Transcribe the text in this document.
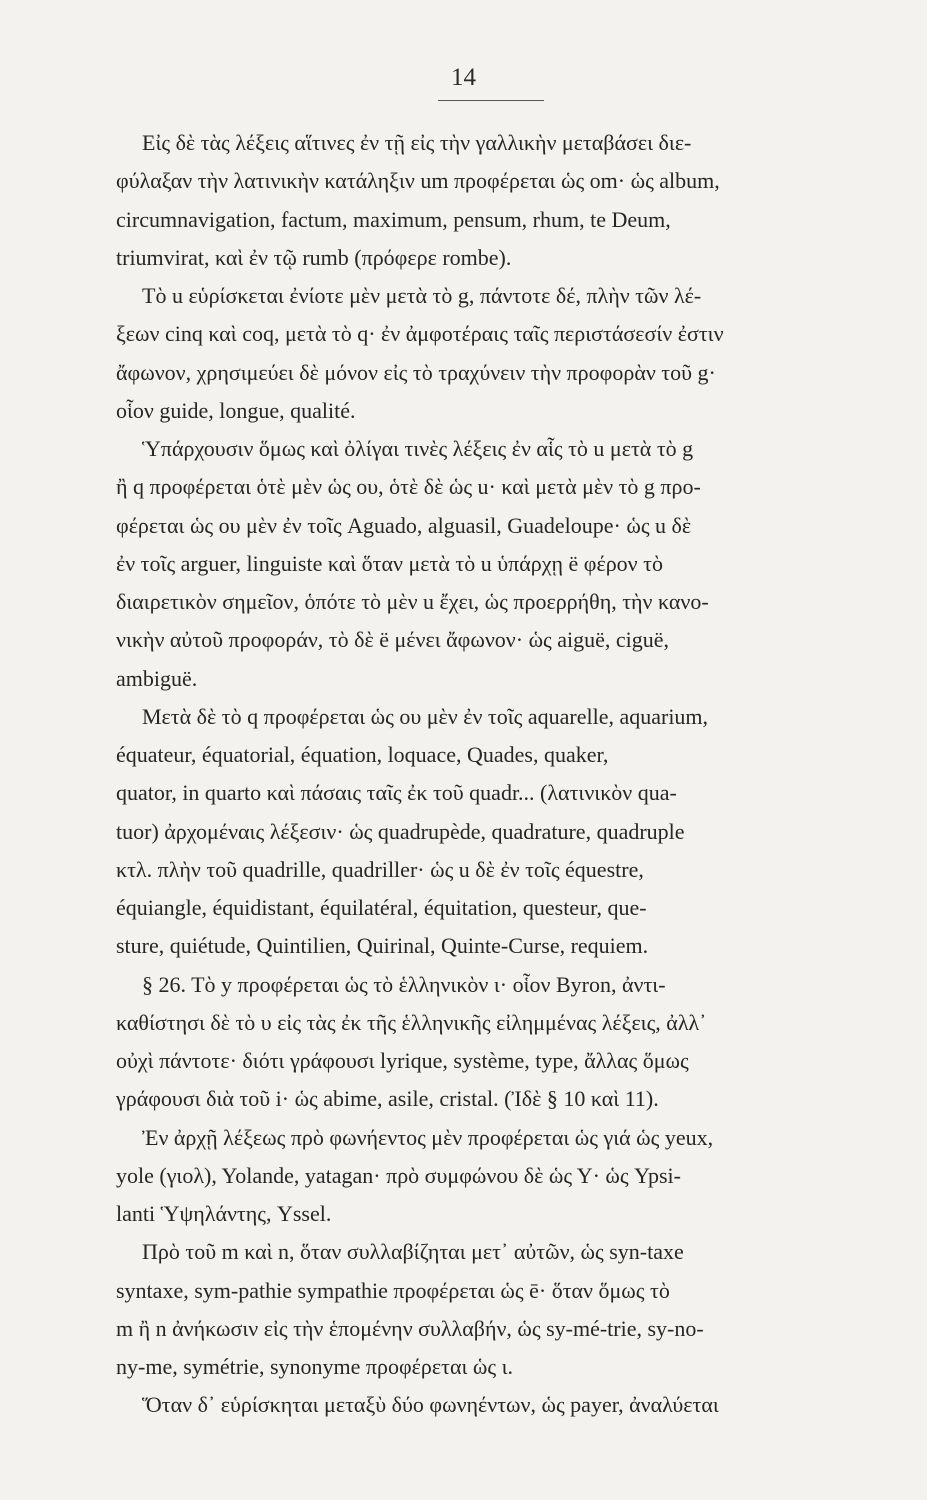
14
Εἰς δὲ τὰς λέξεις αἵτινες ἐν τῇ εἰς τὴν γαλλικὴν μεταβάσει διε-
φύλαξαν τὴν λατινικὴν κατάληξιν um προφέρεται ὡς om· ὡς album,
circumnavigation, factum, maximum, pensum, rhum, te Deum,
triumvirat, καὶ ἐν τῷ rumb (πρόφερε rombe).
Τὸ u εὑρίσκεται ἐνίοτε μὲν μετὰ τὸ g, πάντοτε δέ, πλὴν τῶν λέ-
ξεων cinq καὶ coq, μετὰ τὸ q· ἐν ἀμφοτέραις ταῖς περιστάσεσίν ἐστιν
ἄφωνον, χρησιμεύει δὲ μόνον εἰς τὸ τραχύνειν τὴν προφορὰν τοῦ g·
οἷον guide, longue, qualité.
Ὑπάρχουσιν ὅμως καὶ ὀλίγαι τινὲς λέξεις ἐν αἷς τὸ u μετὰ τὸ g
ἢ q προφέρεται ὁτὲ μὲν ὡς ου, ὁτὲ δὲ ὡς u· καὶ μετὰ μὲν τὸ g προ-
φέρεται ὡς ου μὲν ἐν τοῖς Aguado, alguasil, Guadeloupe· ὡς u δὲ
ἐν τοῖς arguer, linguiste καὶ ὅταν μετὰ τὸ u ὑπάρχῃ ë φέρον τὸ
διαιρετικὸν σημεῖον, ὁπότε τὸ μὲν u ἔχει, ὡς προερρήθη, τὴν κανο-
νικὴν αὐτοῦ προφοράν, τὸ δὲ ë μένει ἄφωνον· ὡς aiguë, ciguë,
ambiguë.
Μετὰ δὲ τὸ q προφέρεται ὡς ου μὲν ἐν τοῖς aquarelle, aquarium,
équateur, équatorial, équation, loquace, Quades, quaker,
quator, in quarto καὶ πάσαις ταῖς ἐκ τοῦ quadr... (λατινικὸν qua-
tuor) ἀρχομέναις λέξεσιν· ὡς quadrupède, quadrature, quadruple
κτλ. πλὴν τοῦ quadrille, quadriller· ὡς u δὲ ἐν τοῖς équestre,
équiangle, équidistant, équilatéral, équitation, questeur, que-
sture, quiétude, Quintilien, Quirinal, Quinte-Curse, requiem.
§ 26. Τὸ y προφέρεται ὡς τὸ ἑλληνικὸν ι· οἷον Byron, ἀντι-
καθίστησι δὲ τὸ υ εἰς τὰς ἐκ τῆς ἑλληνικῆς εἰλημμένας λέξεις, ἀλλ᾽
οὐχὶ πάντοτε· διότι γράφουσι lyrique, système, type, ἄλλας ὅμως
γράφουσι διὰ τοῦ i· ὡς abime, asile, cristal. (Ἰδὲ § 10 καὶ 11).
Ἐν ἀρχῇ λέξεως πρὸ φωνήεντος μὲν προφέρεται ὡς γιά ὡς yeux,
yole (γιολ), Yolande, yatagan· πρὸ συμφώνου δὲ ὡς Υ· ὡς Ypsi-
lanti Ὑψηλάντης, Yssel.
Πρὸ τοῦ m καὶ n, ὅταν συλλαβίζηται μετ᾽ αὐτῶν, ὡς syn-taxe
syntaxe, sym-pathie sympathie προφέρεται ὡς ē· ὅταν ὅμως τὸ
m ἢ n ἀνήκωσιν εἰς τὴν ἑπομένην συλλαβήν, ὡς sy-mé-trie, sy-no-
ny-me, symétrie, synonyme προφέρεται ὡς ι.
Ὅταν δ᾽ εὑρίσκηται μεταξὺ δύο φωνηέντων, ὡς payer, ἀναλύεται
